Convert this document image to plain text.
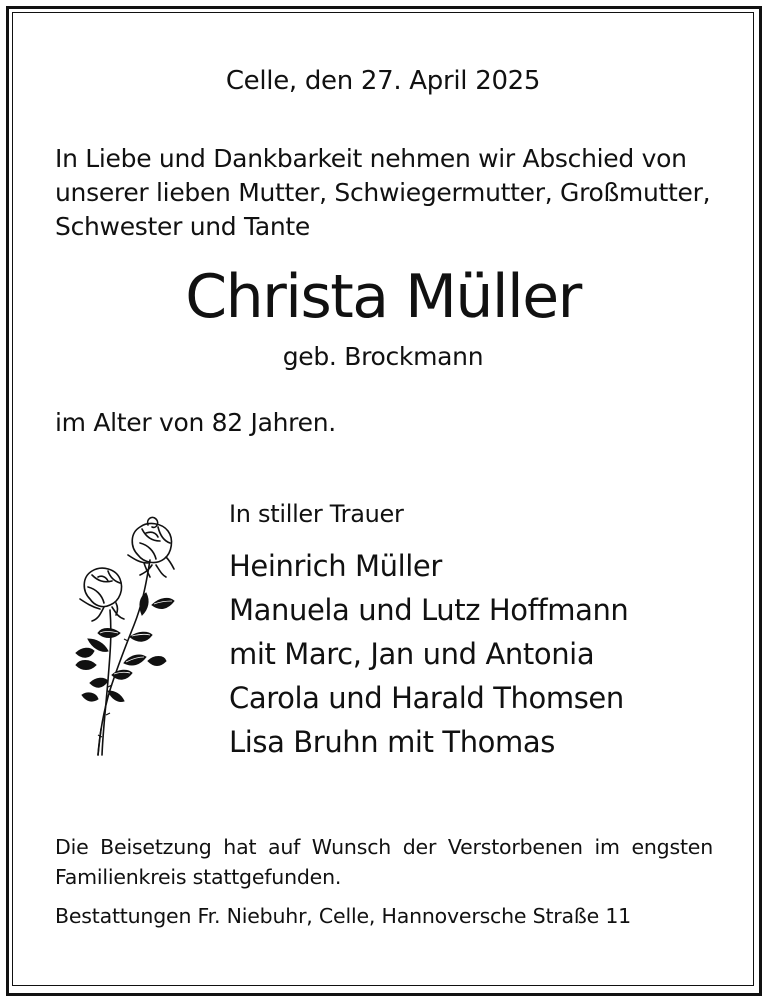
Celle, den 27. April 2025
In Liebe und Dankbarkeit nehmen wir Abschied von
unserer lieben Mutter, Schwiegermutter, Großmutter,
Schwester und Tante
Christa Müller
geb. Brockmann
im Alter von 82 Jahren.
In stiller Trauer
Heinrich Müller
Manuela und Lutz Hoffmann
mit Marc, Jan und Antonia
Carola und Harald Thomsen
Lisa Bruhn mit Thomas
Die Beisetzung hat auf Wunsch der Verstorbenen im engsten
Familienkreis stattgefunden.
Bestattungen Fr. Niebuhr, Celle, Hannoversche Straße 11
